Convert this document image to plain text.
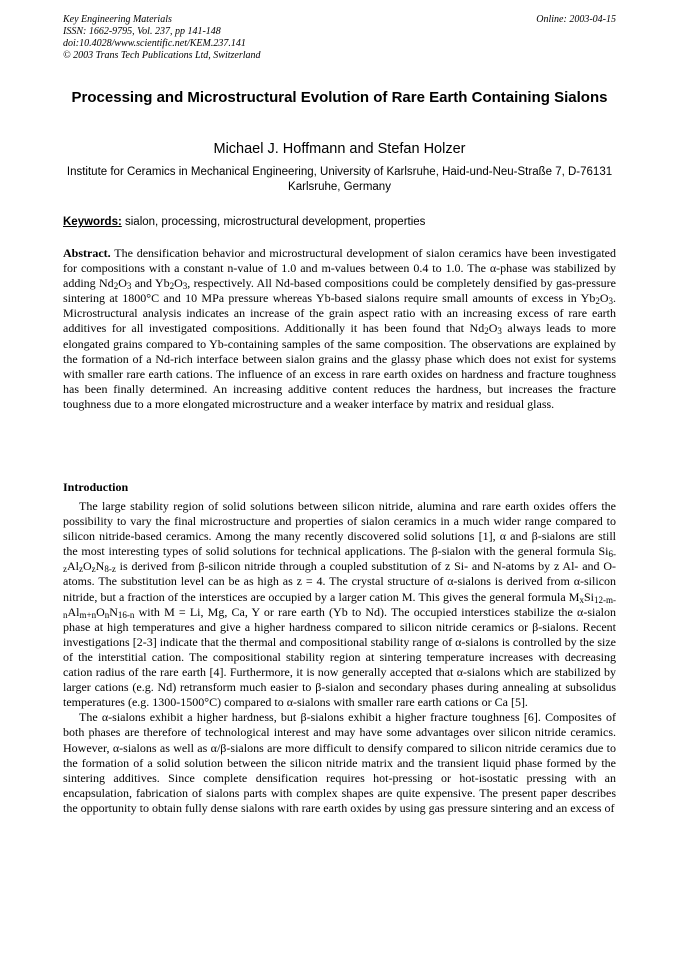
Key Engineering Materials
ISSN: 1662-9795, Vol. 237, pp 141-148
doi:10.4028/www.scientific.net/KEM.237.141
© 2003 Trans Tech Publications Ltd, Switzerland
Online: 2003-04-15
Processing and Microstructural Evolution of Rare Earth Containing Sialons
Michael J. Hoffmann and Stefan Holzer
Institute for Ceramics in Mechanical Engineering, University of Karlsruhe, Haid-und-Neu-Straße 7, D-76131 Karlsruhe, Germany
Keywords: sialon, processing, microstructural development, properties
Abstract. The densification behavior and microstructural development of sialon ceramics have been investigated for compositions with a constant n-value of 1.0 and m-values between 0.4 to 1.0. The α-phase was stabilized by adding $Nd_2O_3$ and $Yb_2O_3$, respectively. All Nd-based compositions could be completely densified by gas-pressure sintering at 1800°C and 10 MPa pressure whereas Yb-based sialons require small amounts of excess in $Yb_2O_3$. Microstructural analysis indicates an increase of the grain aspect ratio with an increasing excess of rare earth additives for all investigated compositions. Additionally it has been found that $Nd_2O_3$ always leads to more elongated grains compared to Yb-containing samples of the same composition. The observations are explained by the formation of a Nd-rich interface between sialon grains and the glassy phase which does not exist for systems with smaller rare earth cations. The influence of an excess in rare earth oxides on hardness and fracture toughness has been finally determined. An increasing additive content reduces the hardness, but increases the fracture toughness due to a more elongated microstructure and a weaker interface by matrix and residual glass.
Introduction

The large stability region of solid solutions between silicon nitride, alumina and rare earth oxides offers the possibility to vary the final microstructure and properties of sialon ceramics in a much wider range compared to silicon nitride-based ceramics. Among the many recently discovered solid solutions [1], α and β-sialons are still the most interesting types of solid solutions for technical applications. The β-sialon with the general formula $Si_{6-z}Al_zO_zN_{8-z}$ is derived from β-silicon nitride through a coupled substitution of z Si- and N-atoms by z Al- and O-atoms. The substitution level can be as high as z = 4. The crystal structure of α-sialons is derived from α-silicon nitride, but a fraction of the interstices are occupied by a larger cation M. This gives the general formula $M_xSi_{12-m-n}Al_{m+n}O_nN_{16-n}$ with M = Li, Mg, Ca, Y or rare earth (Yb to Nd). The occupied interstices stabilize the α-sialon phase at high temperatures and give a higher hardness compared to silicon nitride ceramics or β-sialons. Recent investigations [2-3] indicate that the thermal and compositional stability range of α-sialons is controlled by the size of the interstitial cation. The compositional stability region at sintering temperature increases with decreasing cation radius of the rare earth [4]. Furthermore, it is now generally accepted that α-sialons which are stabilized by larger cations (e.g. Nd) retransform much easier to β-sialon and secondary phases during annealing at subsolidus temperatures (e.g. 1300-1500°C) compared to α-sialons with smaller rare earth cations or Ca [5].

The α-sialons exhibit a higher hardness, but β-sialons exhibit a higher fracture toughness [6]. Composites of both phases are therefore of technological interest and may have some advantages over silicon nitride ceramics. However, α-sialons as well as α/β-sialons are more difficult to densify compared to silicon nitride ceramics due to the formation of a solid solution between the silicon nitride matrix and the transient liquid phase formed by the sintering additives. Since complete densification requires hot-pressing or hot-isostatic pressing with an encapsulation, fabrication of sialons parts with complex shapes are quite expensive. The present paper describes the opportunity to obtain fully dense sialons with rare earth oxides by using gas pressure sintering and an excess of
